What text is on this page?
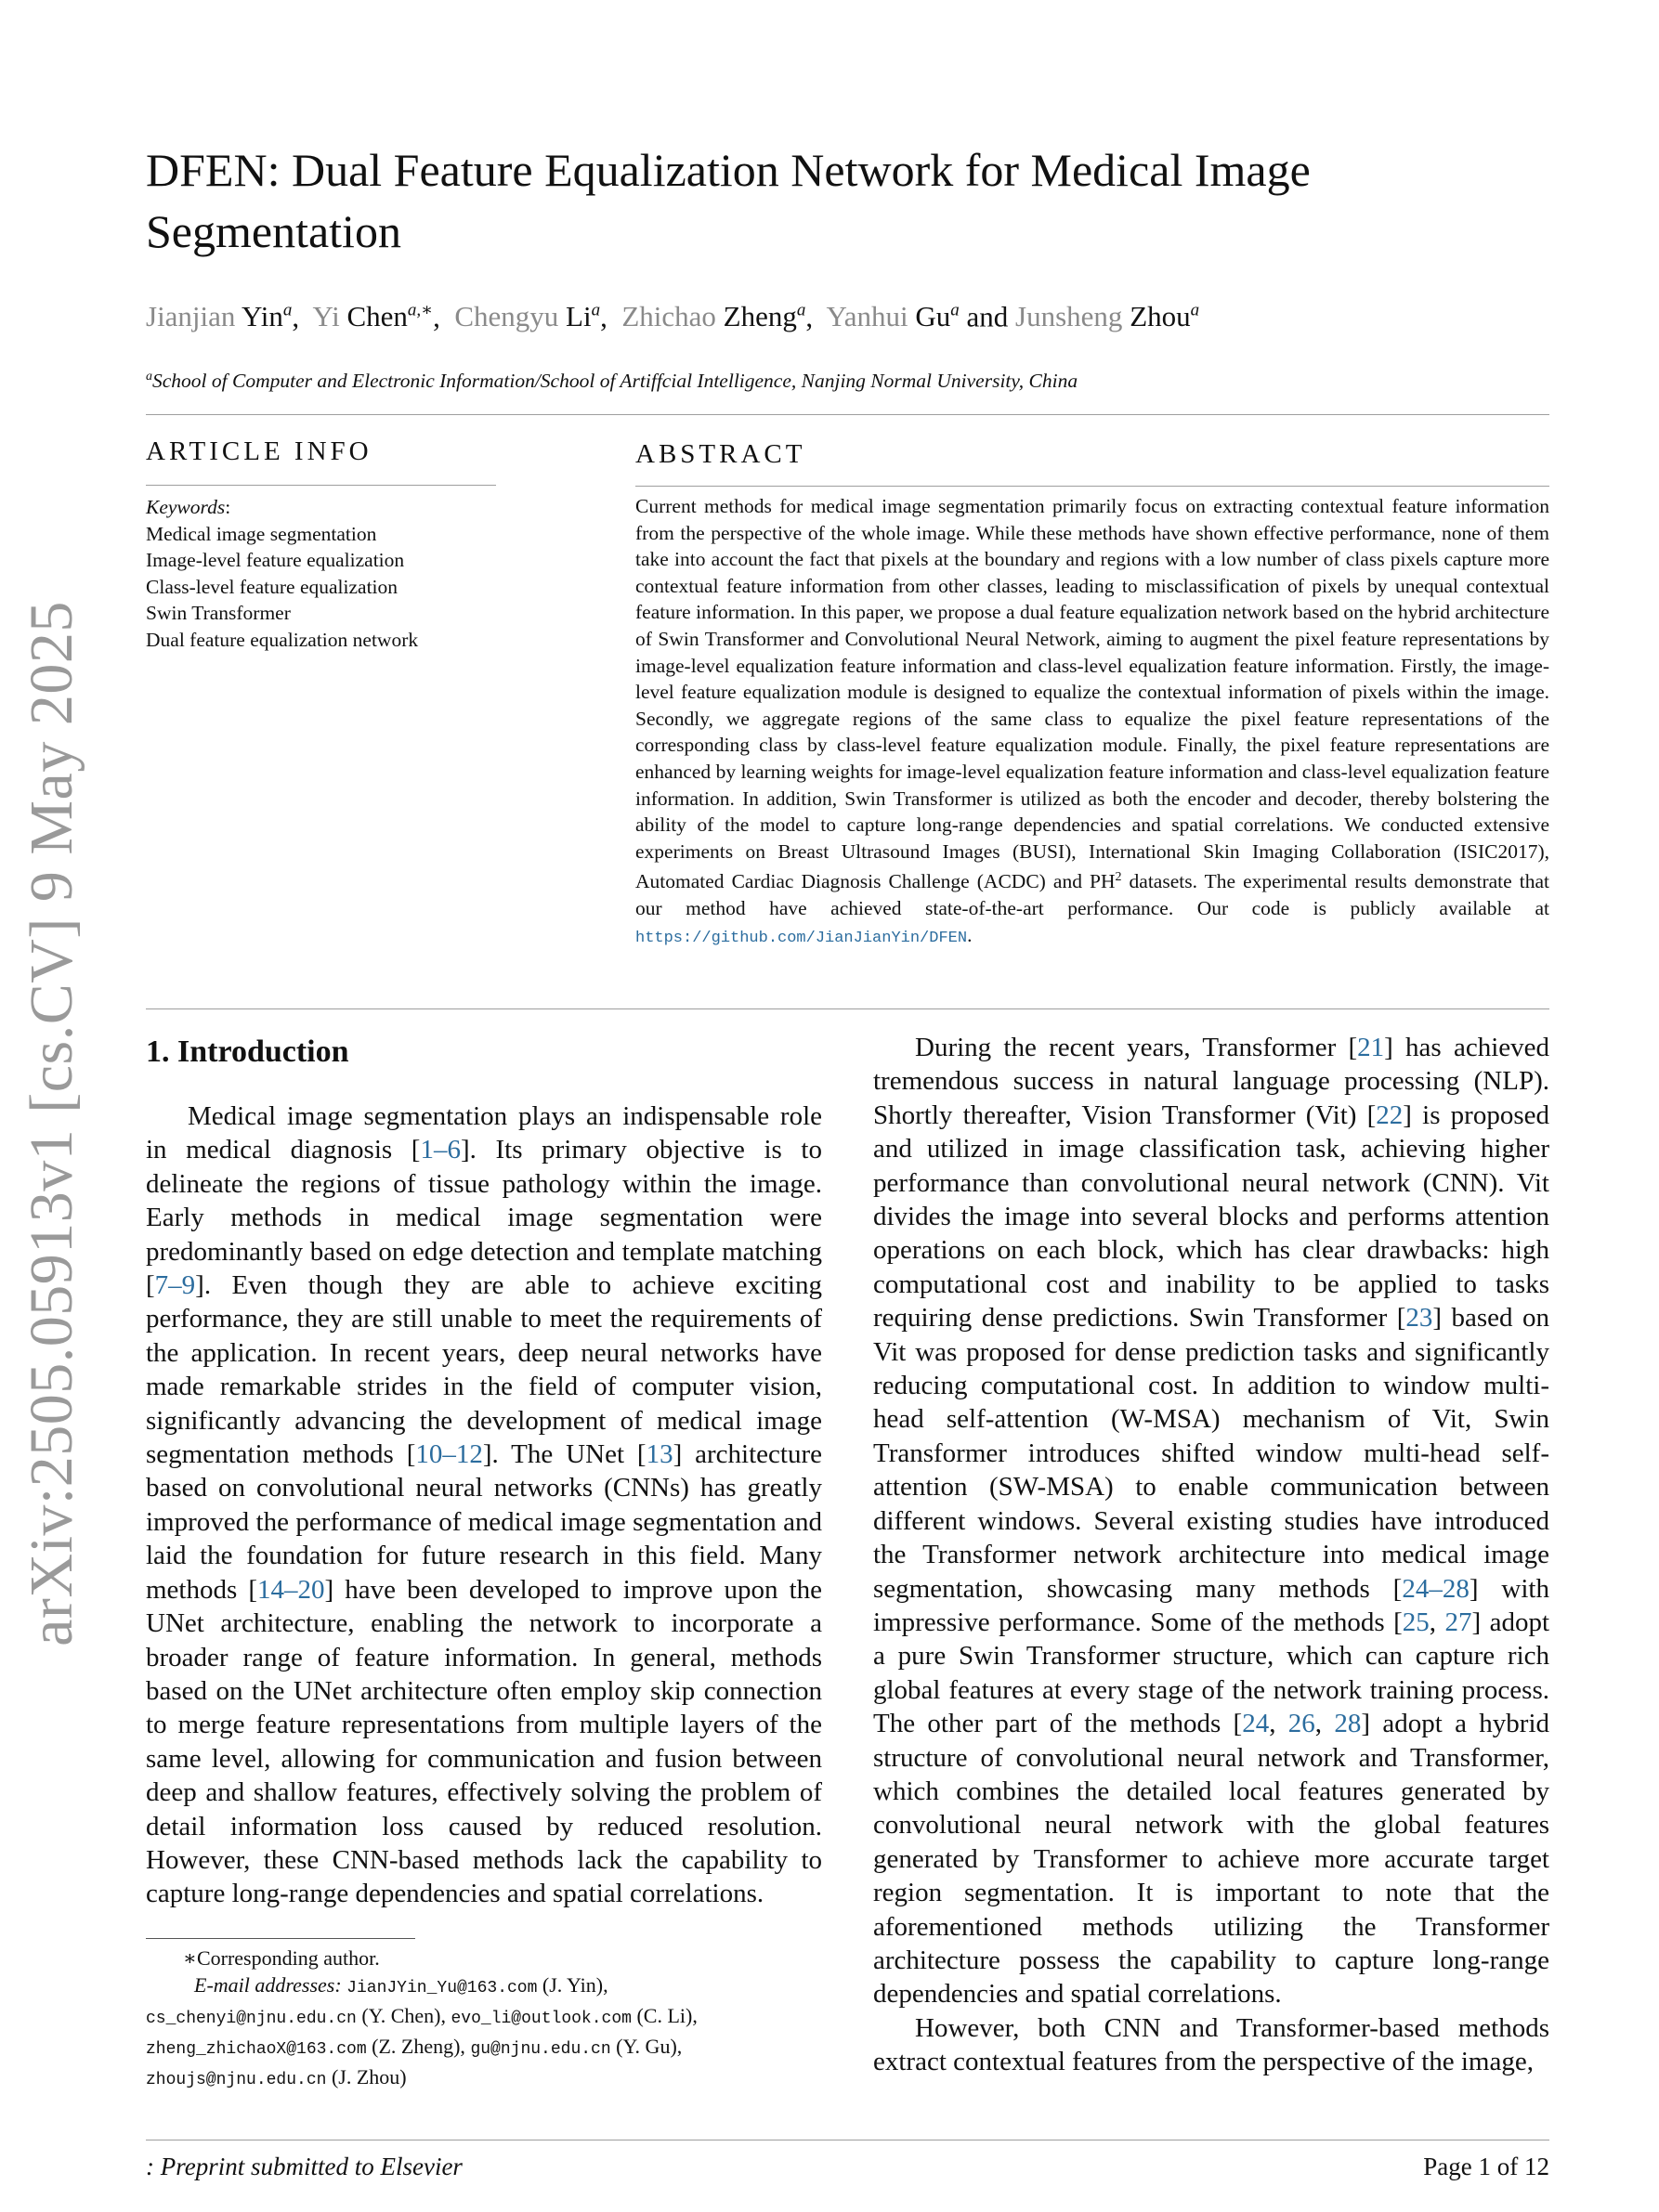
arXiv:2505.05913v1 [cs.CV] 9 May 2025
DFEN: Dual Feature Equalization Network for Medical Image Segmentation
Jianjian Yin$^a$,  Yi Chen$^{a,∗}$,  Chengyu Li$^a$,  Zhichao Zheng$^a$,  Yanhui Gu$^a$ and Junsheng Zhou$^a$
$^a$School of Computer and Electronic Information/School of Artiffcial Intelligence, Nanjing Normal University, China
ARTICLE INFO	ABSTRACT
Keywords:
Medical image segmentation
Image-level feature equalization
Class-level feature equalization
Swin Transformer
Dual feature equalization network
Current methods for medical image segmentation primarily focus on extracting contextual feature information from the perspective of the whole image. While these methods have shown effective performance, none of them take into account the fact that pixels at the boundary and regions with a low number of class pixels capture more contextual feature information from other classes, leading to misclassification of pixels by unequal contextual feature information. In this paper, we propose a dual feature equalization network based on the hybrid architecture of Swin Transformer and Convolutional Neural Network, aiming to augment the pixel feature representations by image-level equalization feature information and class-level equalization feature information. Firstly, the image-level feature equalization module is designed to equalize the contextual information of pixels within the image. Secondly, we aggregate regions of the same class to equalize the pixel feature representations of the corresponding class by class-level feature equalization module. Finally, the pixel feature representations are enhanced by learning weights for image-level equalization feature information and class-level equalization feature information. In addition, Swin Transformer is utilized as both the encoder and decoder, thereby bolstering the ability of the model to capture long-range dependencies and spatial correlations. We conducted extensive experiments on Breast Ultrasound Images (BUSI), International Skin Imaging Collaboration (ISIC2017), Automated Cardiac Diagnosis Challenge (ACDC) and $PH^2$ datasets. The experimental results demonstrate that our method have achieved state-of-the-art performance. Our code is publicly available at https://github.com/JianJianYin/DFEN.
1. Introduction

Medical image segmentation plays an indispensable role in medical diagnosis [1–6]. Its primary objective is to delineate the regions of tissue pathology within the image. Early methods in medical image segmentation were predominantly based on edge detection and template matching [7–9]. Even though they are able to achieve exciting performance, they are still unable to meet the requirements of the application. In recent years, deep neural networks have made remarkable strides in the field of computer vision, significantly advancing the development of medical image segmentation methods [10–12]. The UNet [13] architecture based on convolutional neural networks (CNNs) has greatly improved the performance of medical image segmentation and laid the foundation for future research in this field. Many methods [14–20] have been developed to improve upon the UNet architecture, enabling the network to incorporate a broader range of feature information. In general, methods based on the UNet architecture often employ skip connection to merge feature representations from multiple layers of the same level, allowing for communication and fusion between deep and shallow features, effectively solving the problem of detail information loss caused by reduced resolution. However, these CNN-based methods lack the capability to capture long-range dependencies and spatial correlations.

During the recent years, Transformer [21] has achieved tremendous success in natural language processing (NLP). Shortly thereafter, Vision Transformer (Vit) [22] is proposed and utilized in image classification task, achieving higher performance than convolutional neural network (CNN). Vit divides the image into several blocks and performs attention operations on each block, which has clear drawbacks: high computational cost and inability to be applied to tasks requiring dense predictions. Swin Transformer [23] based on Vit was proposed for dense prediction tasks and significantly reducing computational cost. In addition to window multi-head self-attention (W-MSA) mechanism of Vit, Swin Transformer introduces shifted window multi-head self-attention (SW-MSA) to enable communication between different windows. Several existing studies have introduced the Transformer network architecture into medical image segmentation, showcasing many methods [24–28] with impressive performance. Some of the methods [25, 27] adopt a pure Swin Transformer structure, which can capture rich global features at every stage of the network training process. The other part of the methods [24, 26, 28] adopt a hybrid structure of convolutional neural network and Transformer, which combines the detailed local features generated by convolutional neural network with the global features generated by Transformer to achieve more accurate target region segmentation. It is important to note that the aforementioned methods utilizing the Transformer architecture possess the capability to capture long-range dependencies and spatial correlations.

However, both CNN and Transformer-based methods extract contextual features from the perspective of the image,

∗Corresponding author.
E-mail addresses: JianJYin_Yu@163.com (J. Yin),
cs_chenyi@njnu.edu.cn (Y. Chen), evo_li@outlook.com (C. Li),
zheng_zhichaoX@163.com (Z. Zheng), gu@njnu.edu.cn (Y. Gu),
zhoujs@njnu.edu.cn (J. Zhou)
: Preprint submitted to Elsevier	Page 1 of 12
